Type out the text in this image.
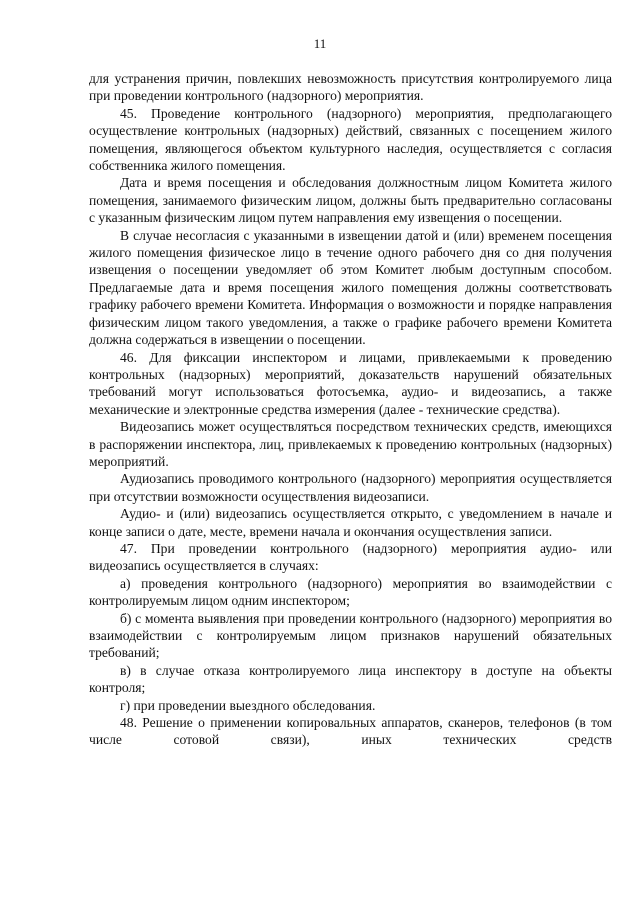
11

для устранения причин, повлекших невозможность присутствия контролируемого лица при проведении контрольного (надзорного) мероприятия.

45. Проведение контрольного (надзорного) мероприятия, предполагающего осуществление контрольных (надзорных) действий, связанных с посещением жилого помещения, являющегося объектом культурного наследия, осуществляется с согласия собственника жилого помещения.

Дата и время посещения и обследования должностным лицом Комитета жилого помещения, занимаемого физическим лицом, должны быть предварительно согласованы с указанным физическим лицом путем направления ему извещения о посещении.

В случае несогласия с указанными в извещении датой и (или) временем посещения жилого помещения физическое лицо в течение одного рабочего дня со дня получения извещения о посещении уведомляет об этом Комитет любым доступным способом. Предлагаемые дата и время посещения жилого помещения должны соответствовать графику рабочего времени Комитета. Информация о возможности и порядке направления физическим лицом такого уведомления, а также о графике рабочего времени Комитета должна содержаться в извещении о посещении.

46. Для фиксации инспектором и лицами, привлекаемыми к проведению контрольных (надзорных) мероприятий, доказательств нарушений обязательных требований могут использоваться фотосъемка, аудио- и видеозапись, а также механические и электронные средства измерения (далее - технические средства).

Видеозапись может осуществляться посредством технических средств, имеющихся в распоряжении инспектора, лиц, привлекаемых к проведению контрольных (надзорных) мероприятий.

Аудиозапись проводимого контрольного (надзорного) мероприятия осуществляется при отсутствии возможности осуществления видеозаписи.

Аудио- и (или) видеозапись осуществляется открыто, с уведомлением в начале и конце записи о дате, месте, времени начала и окончания осуществления записи.

47. При проведении контрольного (надзорного) мероприятия аудио- или видеозапись осуществляется в случаях:

а) проведения контрольного (надзорного) мероприятия во взаимодействии с контролируемым лицом одним инспектором;

б) с момента выявления при проведении контрольного (надзорного) мероприятия во взаимодействии с контролируемым лицом признаков нарушений обязательных требований;

в) в случае отказа контролируемого лица инспектору в доступе на объекты контроля;

г) при проведении выездного обследования.

48. Решение о применении копировальных аппаратов, сканеров, телефонов (в том числе сотовой связи), иных технических средств
